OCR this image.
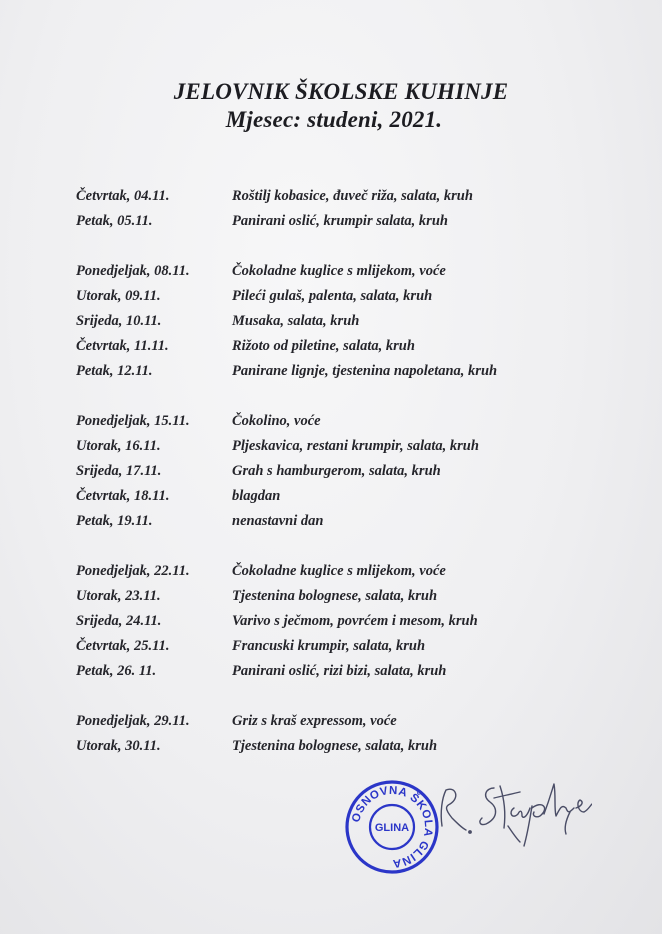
JELOVNIK ŠKOLSKE KUHINJE
Mjesec: studeni, 2021.
Četvrtak, 04.11.	Roštilj kobasice, đuveč riža, salata, kruh
Petak, 05.11.	Panirani oslić, krumpir salata, kruh
Ponedjeljak, 08.11.	Čokoladne kuglice s mlijekom, voće
Utorak, 09.11.	Pileći gulaš, palenta, salata, kruh
Srijeda, 10.11.	Musaka, salata, kruh
Četvrtak, 11.11.	Rižoto od piletine, salata, kruh
Petak, 12.11.	Panirane lignje, tjestenina napoletana, kruh
Ponedjeljak, 15.11.	Čokolino, voće
Utorak, 16.11.	Pljeskavica, restani krumpir, salata, kruh
Srijeda, 17.11.	Grah s hamburgerom, salata, kruh
Četvrtak, 18.11.	blagdan
Petak, 19.11.	nenastavni dan
Ponedjeljak, 22.11.	Čokoladne kuglice s mlijekom, voće
Utorak, 23.11.	Tjestenina bolognese, salata, kruh
Srijeda, 24.11.	Varivo s ječmom, povrćem i mesom, kruh
Četvrtak, 25.11.	Francuski krumpir, salata, kruh
Petak, 26. 11.	Panirani oslić, rizi bizi, salata, kruh
Ponedjeljak, 29.11.	Griz s kraš expressom, voće
Utorak, 30.11.	Tjestenina bolognese, salata, kruh
OSNOVNA ŠKOLA GLINA
GLINA
R. Stojković
